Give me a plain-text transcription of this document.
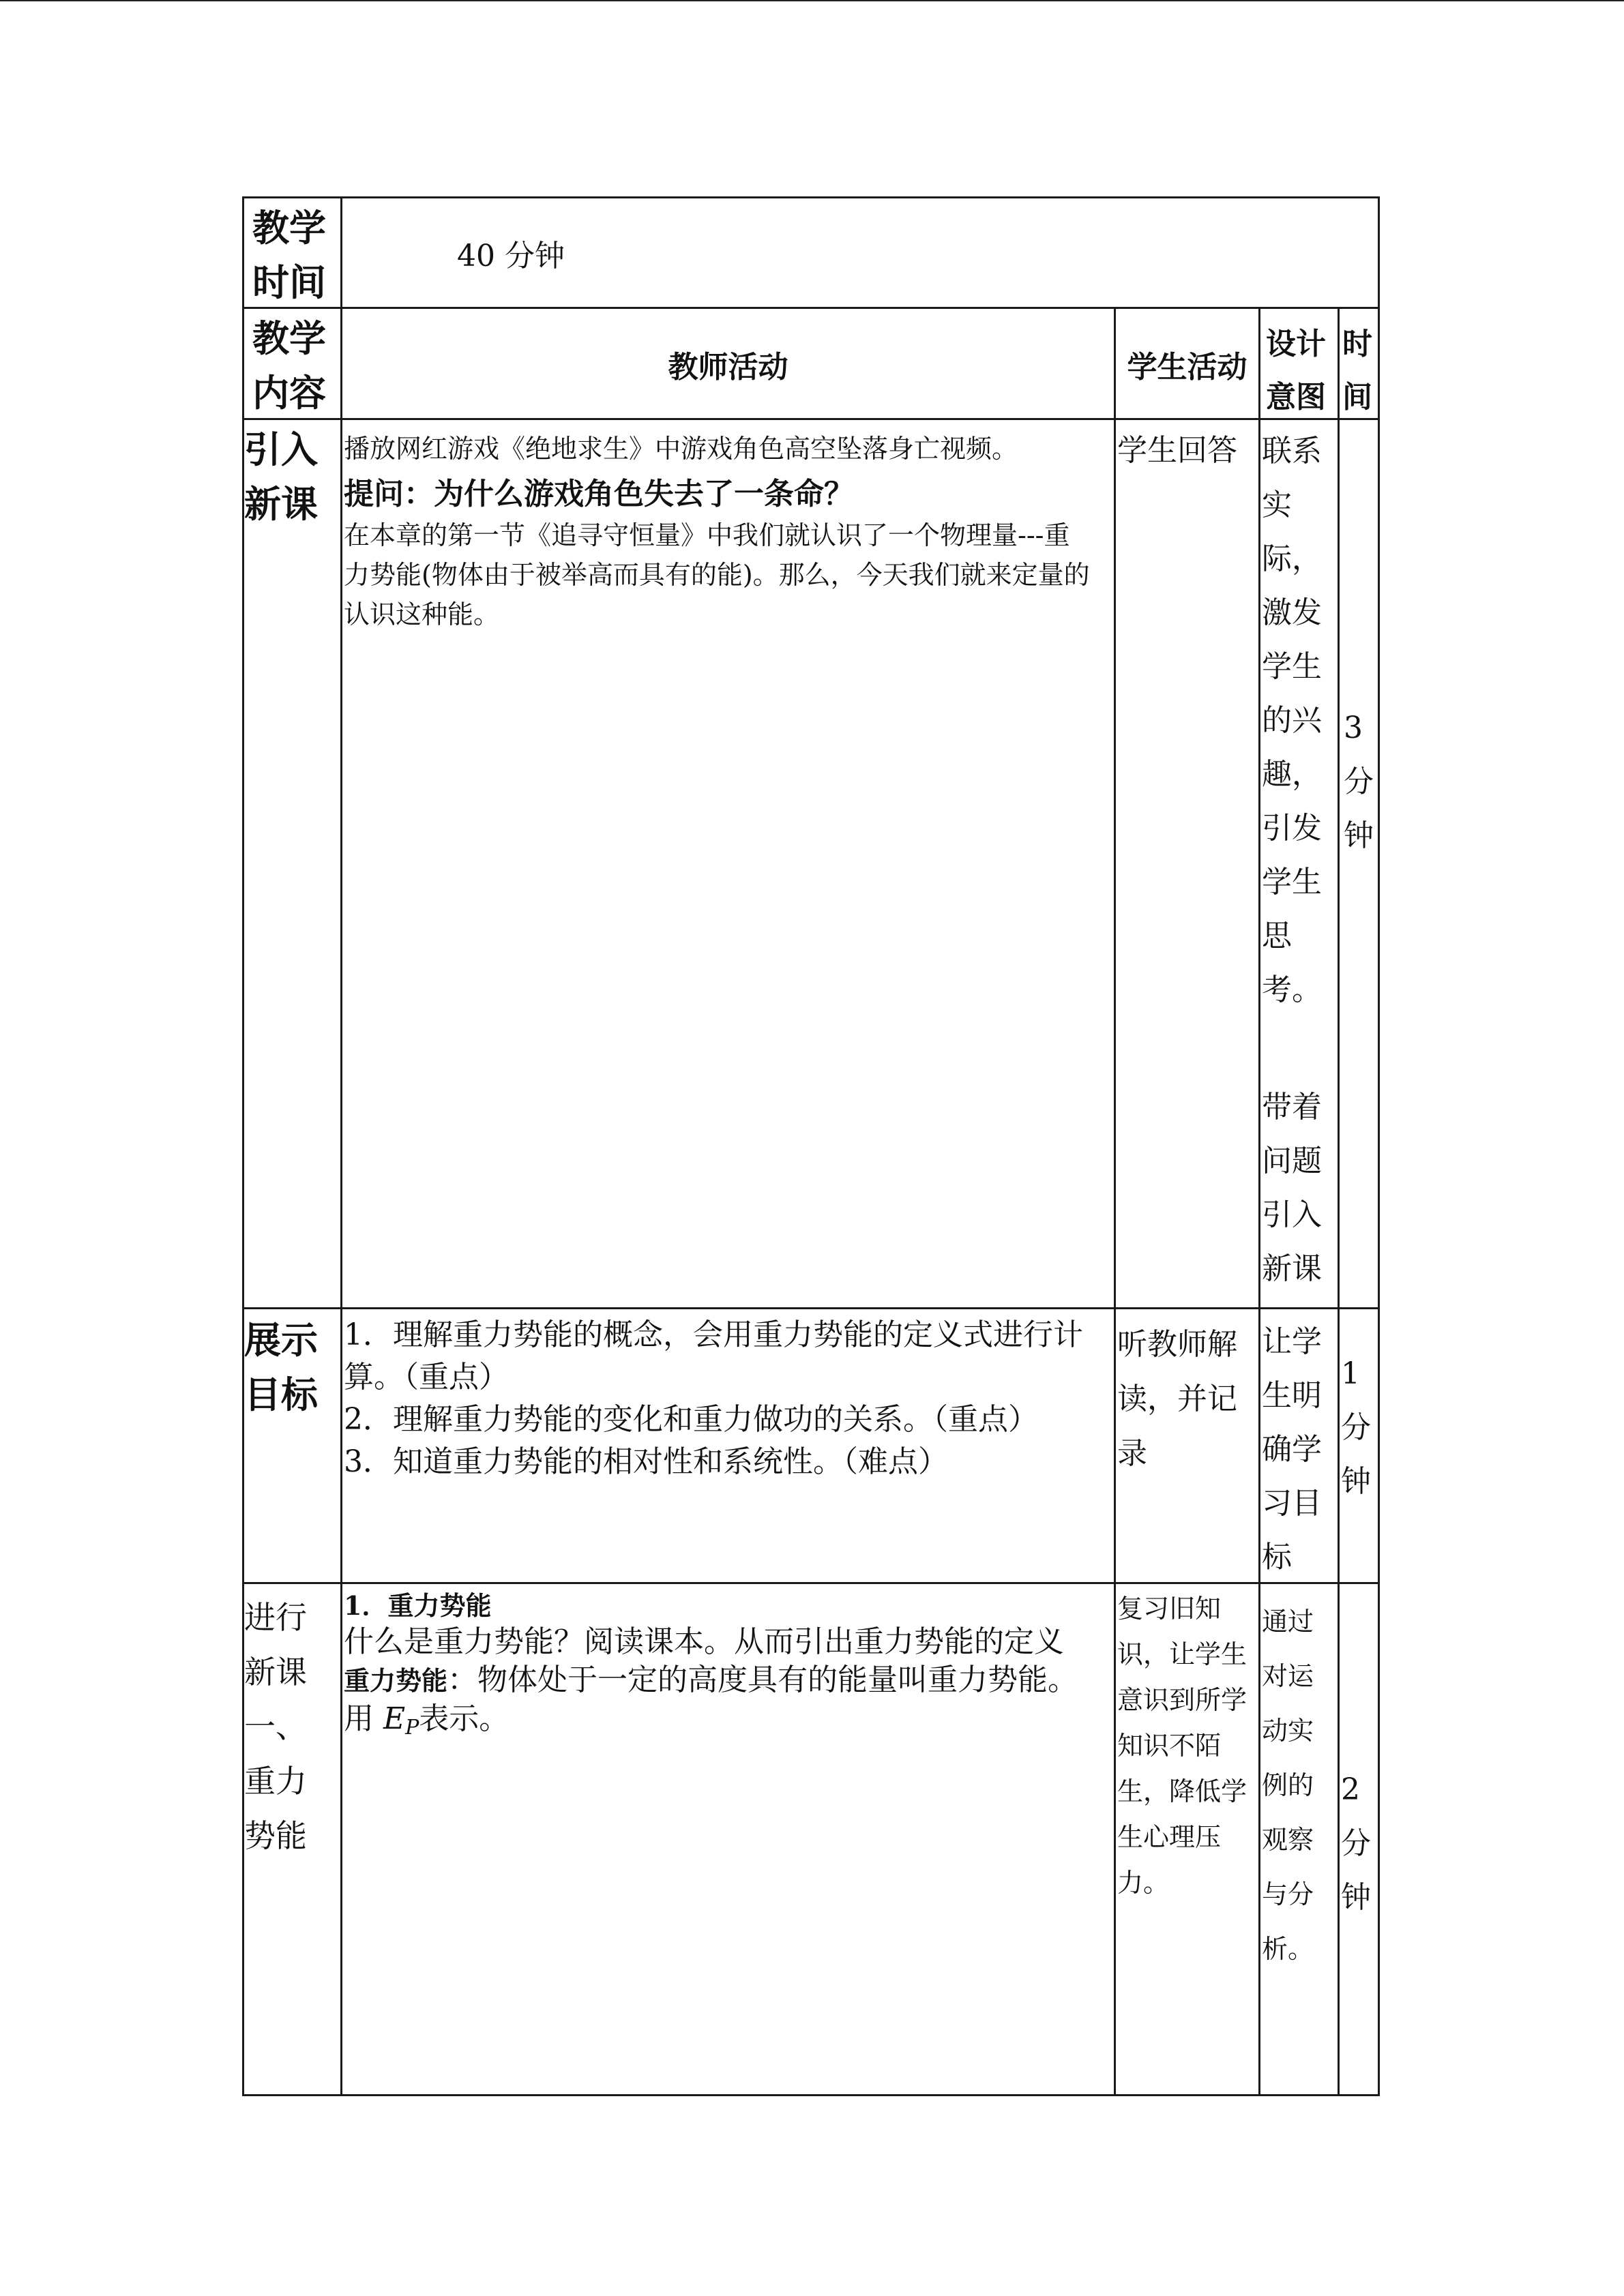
教学时间
40 分钟
教学内容
教师活动	学生活动
设计意图
时间
引入新课
播放网红游戏《绝地求生》中游戏角色高空坠落身亡视频。
提问：为什么游戏角色失去了一条命？
在本章的第一节《追寻守恒量》中我们就认识了一个物理量---重力势能(物体由于被举高而具有的能)。那么，今天我们就来定量的认识这种能。
学生回答 联系实际，激发学生的兴趣，引发学生思考。
带着问题引入新课
3分钟
展示目标
1．理解重力势能的概念，会用重力势能的定义式进行计算。（重点）
2．理解重力势能的变化和重力做功的关系。（重点）
3．知道重力势能的相对性和系统性。（难点）
听教师解读，并记录
让学生明确学习目标
1分钟
进行新课一、重力势能
1．重力势能
什么是重力势能？阅读课本。从而引出重力势能的定义
重力势能：物体处于一定的高度具有的能量叫重力势能。 用 EP表示。
复习旧知识，让学生意识到所学知识不陌生，降低学生心理压力。
通过对运动实例的观察与分析。
2分钟
